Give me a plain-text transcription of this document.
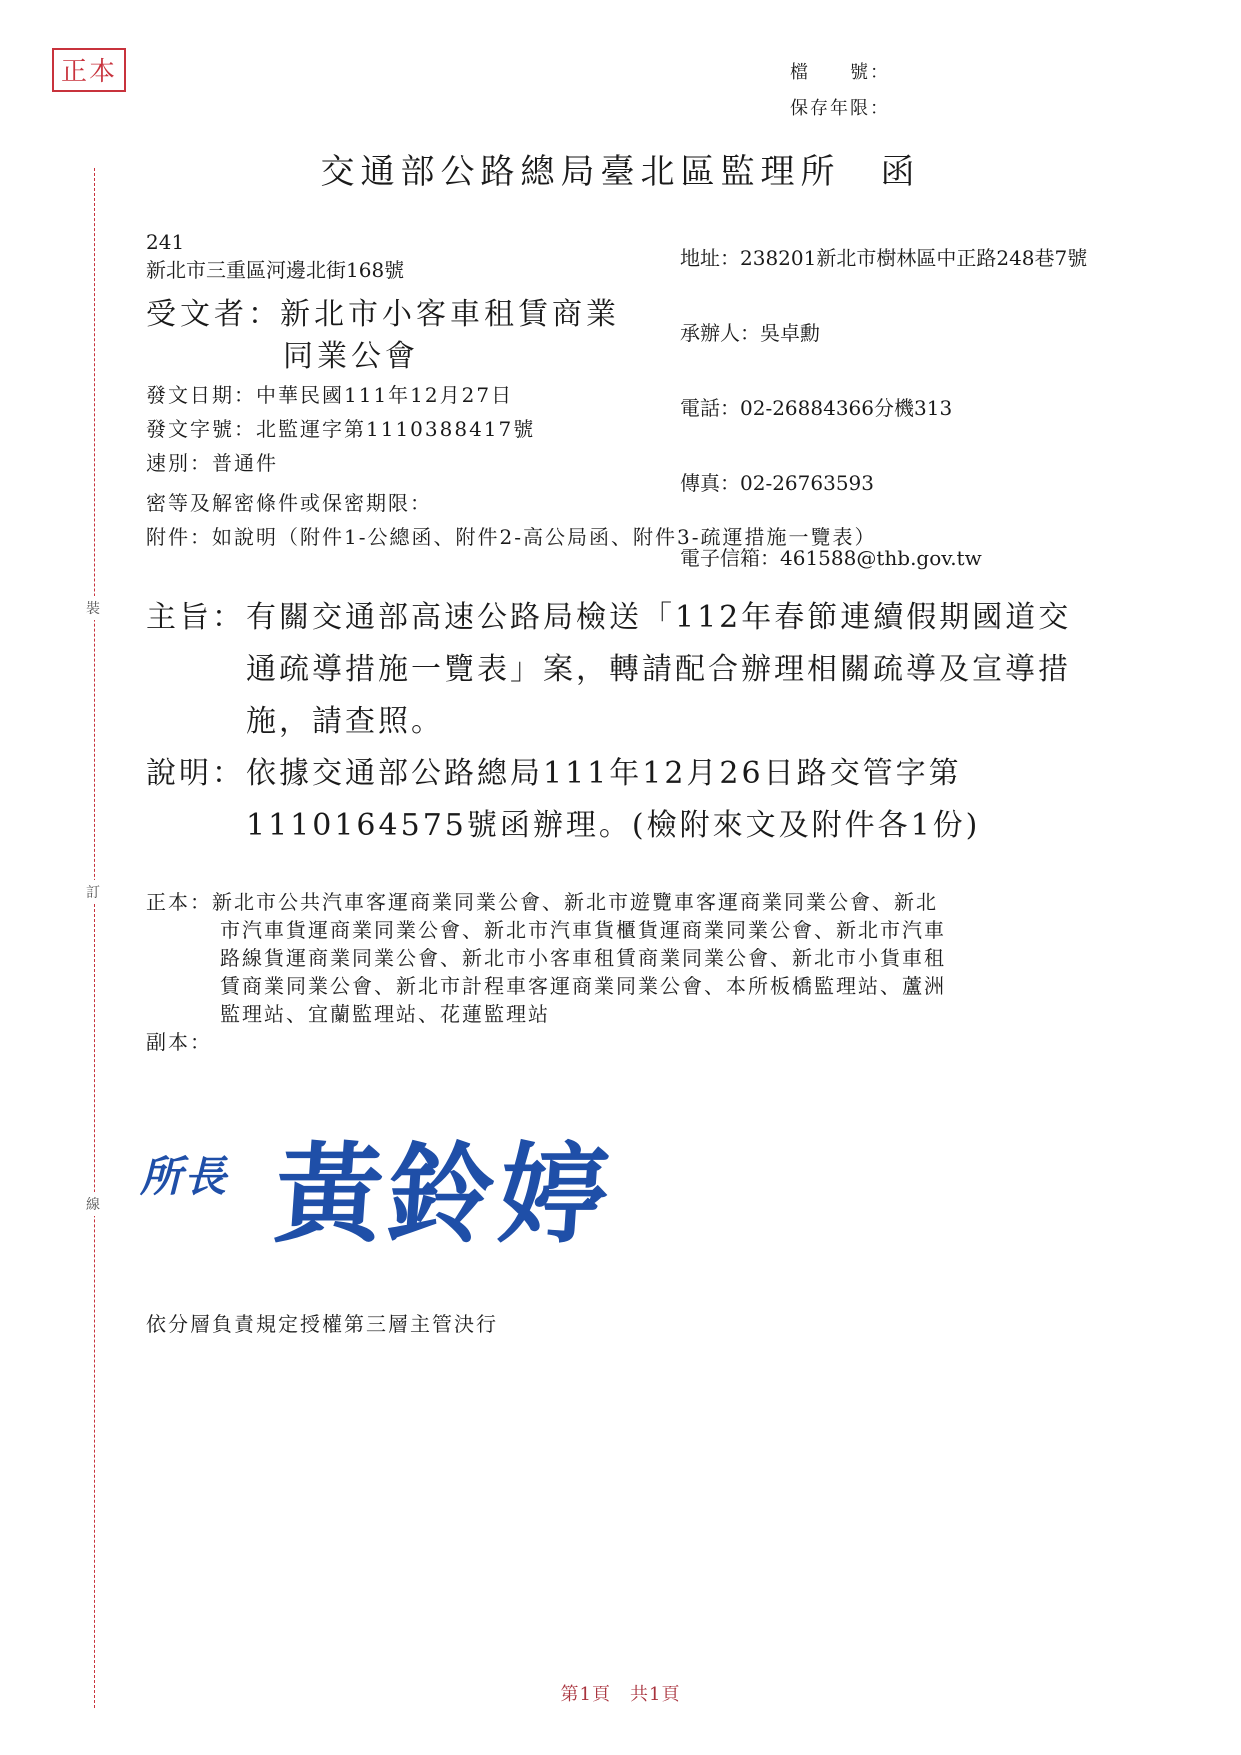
裝
訂
線
正本	檔　　號：
保存年限：
交通部公路總局臺北區監理所　函

地址：238201新北市樹林區中正路248巷7號

承辦人：吳卓勳

電話：02-26884366分機313

傳真：02-26763593

電子信箱：461588@thb.gov.tw

241
新北市三重區河邊北街168號
受文者：新北市小客車租賃商業
同業公會
發文日期：中華民國111年12月27日
發文字號：北監運字第1110388417號
速別：普通件
密等及解密條件或保密期限：
附件：如說明（附件1-公總函、附件2-高公局函、附件3-疏運措施一覽表）
主旨：有關交通部高速公路局檢送「112年春節連續假期國道交
通疏導措施一覽表」案，轉請配合辦理相關疏導及宣導措
施，請查照。
說明：依據交通部公路總局111年12月26日路交管字第
1110164575號函辦理。(檢附來文及附件各1份)
正本：新北市公共汽車客運商業同業公會、新北市遊覽車客運商業同業公會、新北
市汽車貨運商業同業公會、新北市汽車貨櫃貨運商業同業公會、新北市汽車
路線貨運商業同業公會、新北市小客車租賃商業同業公會、新北市小貨車租
賃商業同業公會、新北市計程車客運商業同業公會、本所板橋監理站、蘆洲
監理站、宜蘭監理站、花蓮監理站
副本：
所長 黃鈴婷
依分層負責規定授權第三層主管決行
第1頁　共1頁
